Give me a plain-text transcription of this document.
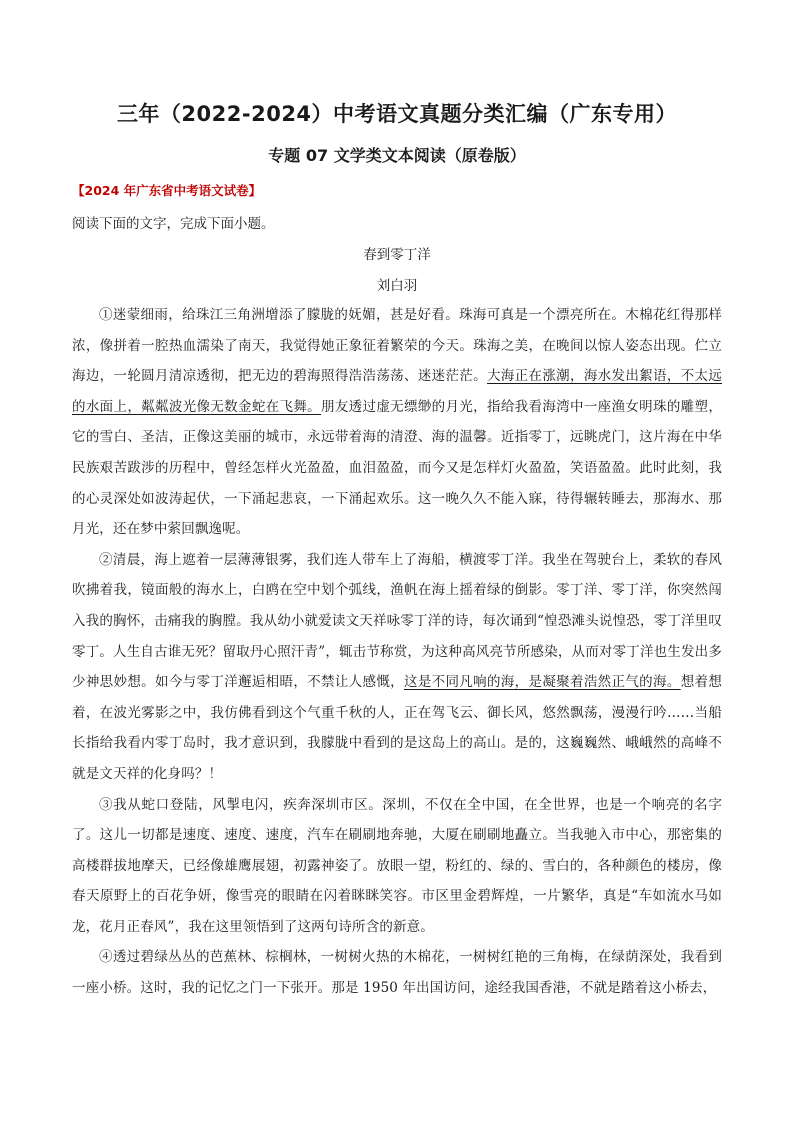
三年（2022-2024）中考语文真题分类汇编（广东专用）
专题 07 文学类文本阅读（原卷版）
【2024 年广东省中考语文试卷】
阅读下面的文字，完成下面小题。
春到零丁洋
刘白羽

①迷蒙细雨，给珠江三角洲增添了朦胧的妩媚，甚是好看。珠海可真是一个漂亮所在。木棉花红得那样浓，像拼着一腔热血濡染了南天，我觉得她正象征着繁荣的今天。珠海之美，在晚间以惊人姿态出现。伫立海边，一轮圆月清凉透彻，把无边的碧海照得浩浩荡荡、迷迷茫茫。大海正在涨潮，海水发出絮语，不太远的水面上，粼粼波光像无数金蛇在飞舞。朋友透过虚无缥缈的月光，指给我看海湾中一座渔女明珠的雕塑，它的雪白、圣洁，正像这美丽的城市，永远带着海的清澄、海的温馨。近指零丁，远眺虎门，这片海在中华民族艰苦跋涉的历程中，曾经怎样火光盈盈，血泪盈盈，而今又是怎样灯火盈盈，笑语盈盈。此时此刻，我的心灵深处如波涛起伏，一下涌起悲哀，一下涌起欢乐。这一晚久久不能入寐，待得辗转睡去，那海水、那月光，还在梦中萦回飘逸呢。

②清晨，海上遮着一层薄薄银雾，我们连人带车上了海船，横渡零丁洋。我坐在驾驶台上，柔软的春风吹拂着我，镜面般的海水上，白鸥在空中划个弧线，渔帆在海上摇着绿的倒影。零丁洋、零丁洋，你突然闯入我的胸怀，击痛我的胸膛。我从幼小就爱读文天祥咏零丁洋的诗，每次诵到“惶恐滩头说惶恐，零丁洋里叹零丁。人生自古谁无死？留取丹心照汗青”，辄击节称赏，为这种高风亮节所感染，从而对零丁洋也生发出多少神思妙想。如今与零丁洋邂逅相晤，不禁让人感慨，这是不同凡响的海，是凝聚着浩然正气的海。想着想着，在波光雾影之中，我仿佛看到这个气重千秋的人，正在驾飞云、御长风，悠然飘荡，漫漫行吟……当船长指给我看内零丁岛时，我才意识到，我朦胧中看到的是这岛上的高山。是的，这巍巍然、峨峨然的高峰不就是文天祥的化身吗？！

③我从蛇口登陆，风掣电闪，疾奔深圳市区。深圳，不仅在全中国，在全世界，也是一个响亮的名字了。这儿一切都是速度、速度、速度，汽车在刷刷地奔驰，大厦在刷刷地矗立。当我驰入市中心，那密集的高楼群拔地摩天，已经像雄鹰展翅，初露神姿了。放眼一望，粉红的、绿的、雪白的，各种颜色的楼房，像春天原野上的百花争妍，像雪亮的眼睛在闪着眯眯笑容。市区里金碧辉煌，一片繁华，真是“车如流水马如龙，花月正春风”，我在这里领悟到了这两句诗所含的新意。

④透过碧绿丛丛的芭蕉林、棕榈林，一树树火热的木棉花，一树树红艳的三角梅，在绿荫深处，我看到一座小桥。这时，我的记忆之门一下张开。那是 1950 年出国访问，途经我国香港，不就是踏着这小桥去，
